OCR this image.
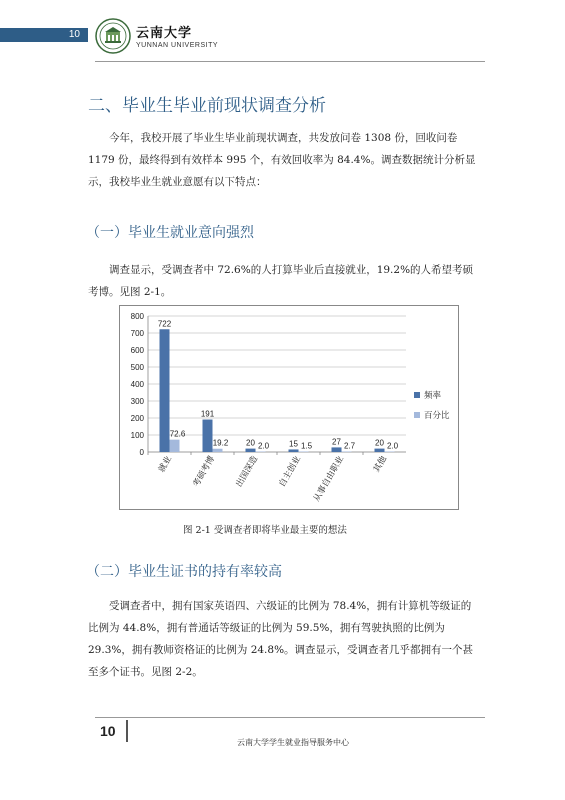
10	云南大学
YUNNAN UNIVERSITY
二、毕业生毕业前现状调查分析

今年，我校开展了毕业生毕业前现状调查，共发放问卷 1308 份，回收问卷 1179 份，最终得到有效样本 995 个，有效回收率为 84.4%。调查数据统计分析显示，我校毕业生就业意愿有以下特点：

（一）毕业生就业意向强烈

调查显示，受调查者中 72.6%的人打算毕业后直接就业，19.2%的人希望考硕考博。见图 2-1。

0
100
200
300
400
500
600
700
800
就业
722
72.6
考硕考博
191
19.2
出国深造
20 2.0
自主创业
15 1.5
从事自由职业
27 2.7
其他
20 2.0
频率
百分比
图 2-1 受调查者即将毕业最主要的想法
（二）毕业生证书的持有率较高

受调查者中，拥有国家英语四、六级证的比例为 78.4%，拥有计算机等级证的比例为 44.8%，拥有普通话等级证的比例为 59.5%，拥有驾驶执照的比例为 29.3%，拥有教师资格证的比例为 24.8%。调查显示，受调查者几乎都拥有一个甚至多个证书。见图 2-2。

10
云南大学学生就业指导服务中心
